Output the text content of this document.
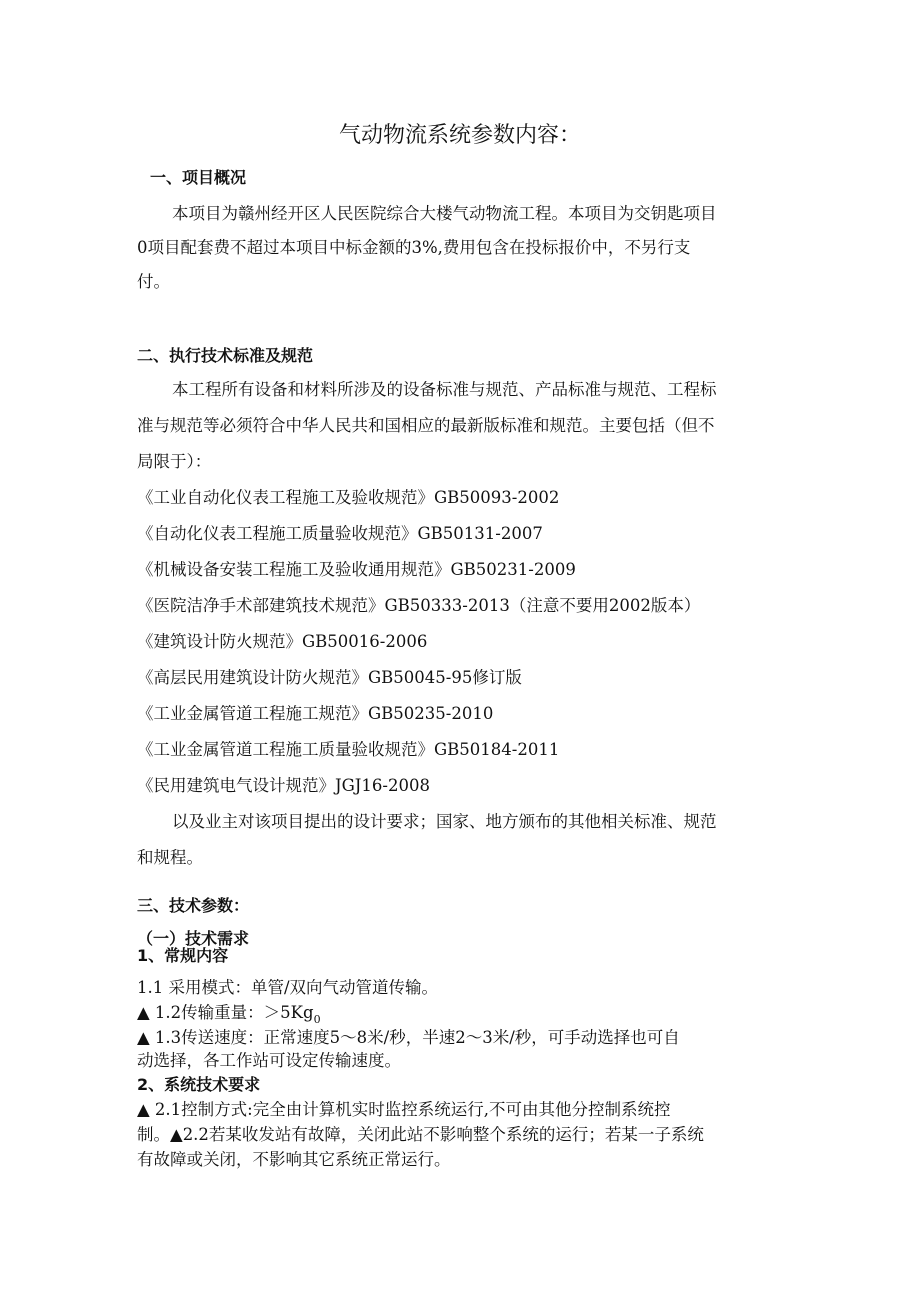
气动物流系统参数内容：
一、项目概况
本项目为赣州经开区人民医院综合大楼气动物流工程。本项目为交钥匙项目
0项目配套费不超过本项目中标金额的3%,费用包含在投标报价中，不另行支
付。
二、执行技术标准及规范
本工程所有设备和材料所涉及的设备标准与规范、产品标准与规范、工程标
准与规范等必须符合中华人民共和国相应的最新版标准和规范。主要包括（但不
局限于）：
《工业自动化仪表工程施工及验收规范》GB50093-2002
《自动化仪表工程施工质量验收规范》GB50131-2007
《机械设备安装工程施工及验收通用规范》GB50231-2009
《医院洁净手术部建筑技术规范》GB50333-2013（注意不要用2002版本）
《建筑设计防火规范》GB50016-2006
《高层民用建筑设计防火规范》GB50045-95修订版
《工业金属管道工程施工规范》GB50235-2010
《工业金属管道工程施工质量验收规范》GB50184-2011
《民用建筑电气设计规范》JGJ16-2008
以及业主对该项目提出的设计要求；国家、地方颁布的其他相关标准、规范
和规程。
三、技术参数：
（一）技术需求
1、常规内容
1.1 采用模式：单管/双向气动管道传输。
▲ 1.2传输重量：$>5Kg_0$
▲ 1.3传送速度：正常速度5～8米/秒，半速2～3米/秒，可手动选择也可自
动选择，各工作站可设定传输速度。
2、系统技术要求
▲ 2.1控制方式:完全由计算机实时监控系统运行,不可由其他分控制系统控
制。▲2.2若某收发站有故障，关闭此站不影响整个系统的运行；若某一子系统
有故障或关闭，不影响其它系统正常运行。
